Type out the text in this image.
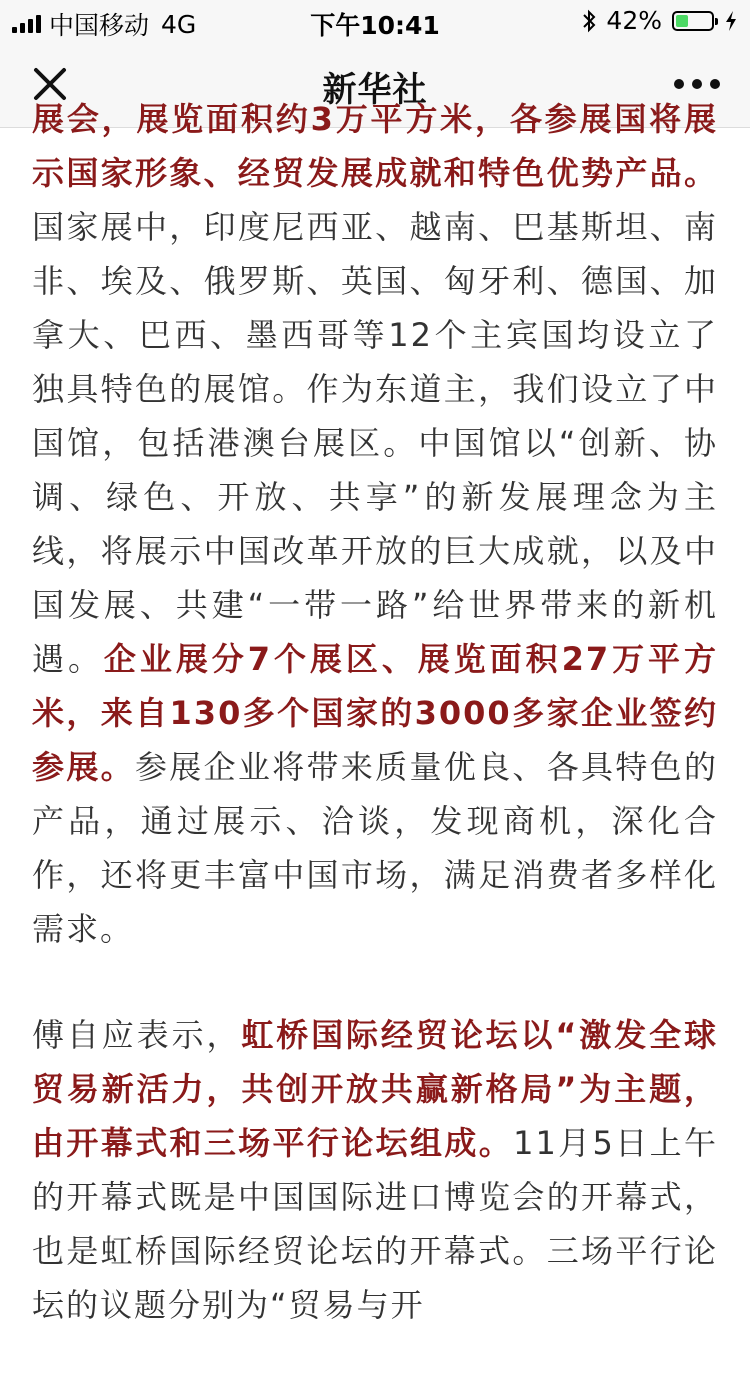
中国移动 4G	下午10:41	42%
新华社

展会，展览面积约3万平方米，各参展国将展示国家形象、经贸发展成就和特色优势产品。国家展中，印度尼西亚、越南、巴基斯坦、南非、埃及、俄罗斯、英国、匈牙利、德国、加拿大、巴西、墨西哥等12个主宾国均设立了独具特色的展馆。作为东道主，我们设立了中国馆，包括港澳台展区。中国馆以“创新、协调、绿色、开放、共享”的新发展理念为主线，将展示中国改革开放的巨大成就，以及中国发展、共建“一带一路”给世界带来的新机遇。企业展分7个展区、展览面积27万平方米，来自130多个国家的3000多家企业签约参展。参展企业将带来质量优良、各具特色的产品，通过展示、洽谈，发现商机，深化合作，还将更丰富中国市场，满足消费者多样化需求。

傅自应表示，虹桥国际经贸论坛以“激发全球贸易新活力，共创开放共赢新格局”为主题，由开幕式和三场平行论坛组成。11月5日上午的开幕式既是中国国际进口博览会的开幕式，也是虹桥国际经贸论坛的开幕式。三场平行论坛的议题分别为“贸易与开
